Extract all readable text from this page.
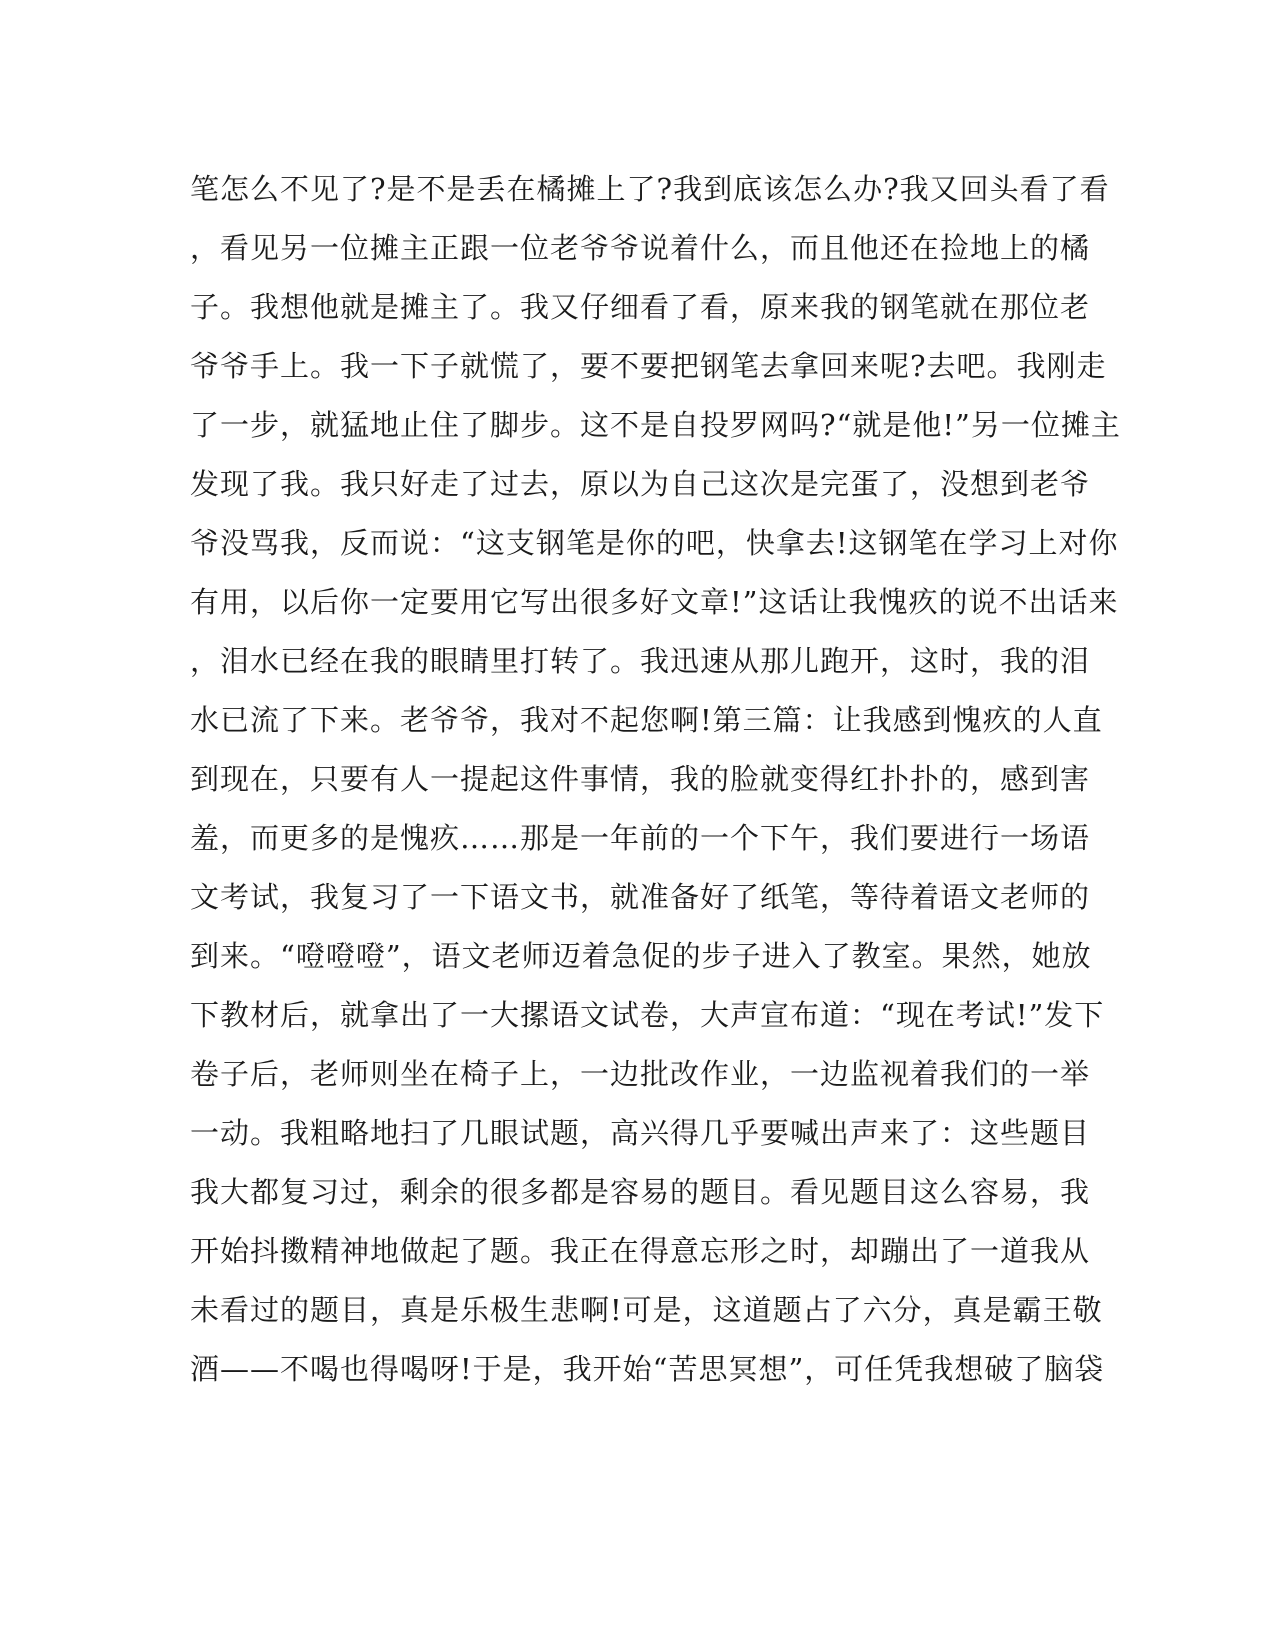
笔怎么不见了?是不是丢在橘摊上了?我到底该怎么办?我又回头看了看
，看见另一位摊主正跟一位老爷爷说着什么，而且他还在捡地上的橘
子。我想他就是摊主了。我又仔细看了看，原来我的钢笔就在那位老
爷爷手上。我一下子就慌了，要不要把钢笔去拿回来呢?去吧。我刚走
了一步，就猛地止住了脚步。这不是自投罗网吗?“就是他!”另一位摊主
发现了我。我只好走了过去，原以为自己这次是完蛋了，没想到老爷
爷没骂我，反而说：“这支钢笔是你的吧，快拿去!这钢笔在学习上对你
有用，以后你一定要用它写出很多好文章!”这话让我愧疚的说不出话来
，泪水已经在我的眼睛里打转了。我迅速从那儿跑开，这时，我的泪
水已流了下来。老爷爷，我对不起您啊!第三篇：让我感到愧疚的人直
到现在，只要有人一提起这件事情，我的脸就变得红扑扑的，感到害
羞，而更多的是愧疚……那是一年前的一个下午，我们要进行一场语
文考试，我复习了一下语文书，就准备好了纸笔，等待着语文老师的
到来。“噔噔噔”，语文老师迈着急促的步子进入了教室。果然，她放
下教材后，就拿出了一大摞语文试卷，大声宣布道：“现在考试!”发下
卷子后，老师则坐在椅子上，一边批改作业，一边监视着我们的一举
一动。我粗略地扫了几眼试题，高兴得几乎要喊出声来了：这些题目
我大都复习过，剩余的很多都是容易的题目。看见题目这么容易，我
开始抖擞精神地做起了题。我正在得意忘形之时，却蹦出了一道我从
未看过的题目，真是乐极生悲啊!可是，这道题占了六分，真是霸王敬
酒——不喝也得喝呀!于是，我开始“苦思冥想”，可任凭我想破了脑袋
